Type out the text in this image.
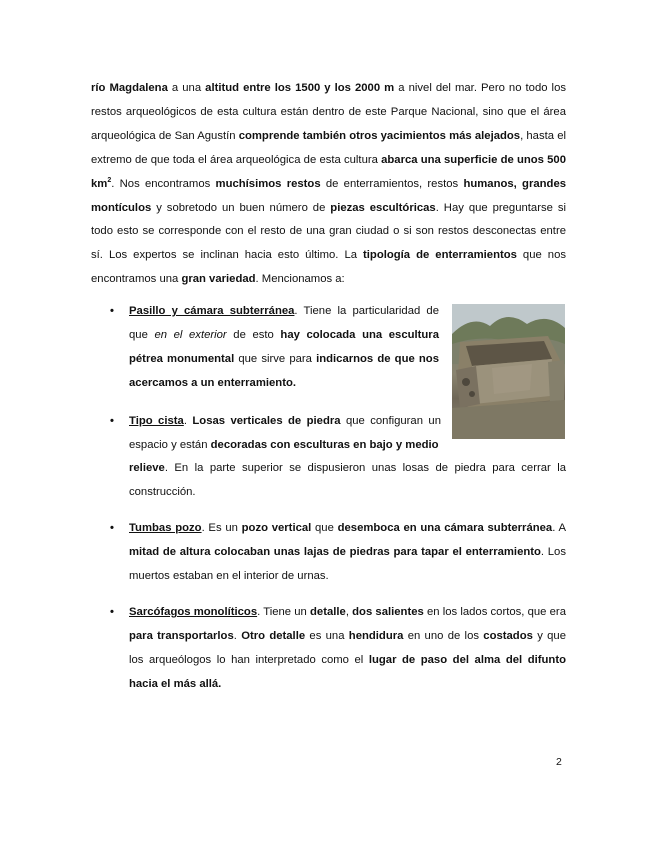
río Magdalena a una altitud entre los 1500 y los 2000 m a nivel del mar. Pero no todo los restos arqueológicos de esta cultura están dentro de este Parque Nacional, sino que el área arqueológica de San Agustín comprende también otros yacimientos más alejados, hasta el extremo de que toda el área arqueológica de esta cultura abarca una superficie de unos 500 $km^2$. Nos encontramos muchísimos restos de enterramientos, restos humanos, grandes montículos y sobretodo un buen número de piezas escultóricas. Hay que preguntarse si todo esto se corresponde con el resto de una gran ciudad o si son restos desconectas entre sí. Los expertos se inclinan hacia esto último. La tipología de enterramientos que nos encontramos una gran variedad. Mencionamos a:

• Pasillo y cámara subterránea. Tiene la particularidad de que en el exterior de esto hay colocada una escultura pétrea monumental que sirve para indicarnos de que nos acercamos a un enterramiento.
• Tipo cista. Losas verticales de piedra que configuran un espacio y están decoradas con esculturas en bajo y medio
relieve. En la parte superior se dispusieron unas losas de piedra para cerrar la construcción.
• Tumbas pozo. Es un pozo vertical que desemboca en una cámara subterránea. A mitad de altura colocaban unas lajas de piedras para tapar el enterramiento. Los muertos estaban en el interior de urnas.
• Sarcófagos monolíticos. Tiene un detalle, dos salientes en los lados cortos, que era para transportarlos. Otro detalle es una hendidura en uno de los costados y que los arqueólogos lo han interpretado como el lugar de paso del alma del difunto hacia el más allá.
2
